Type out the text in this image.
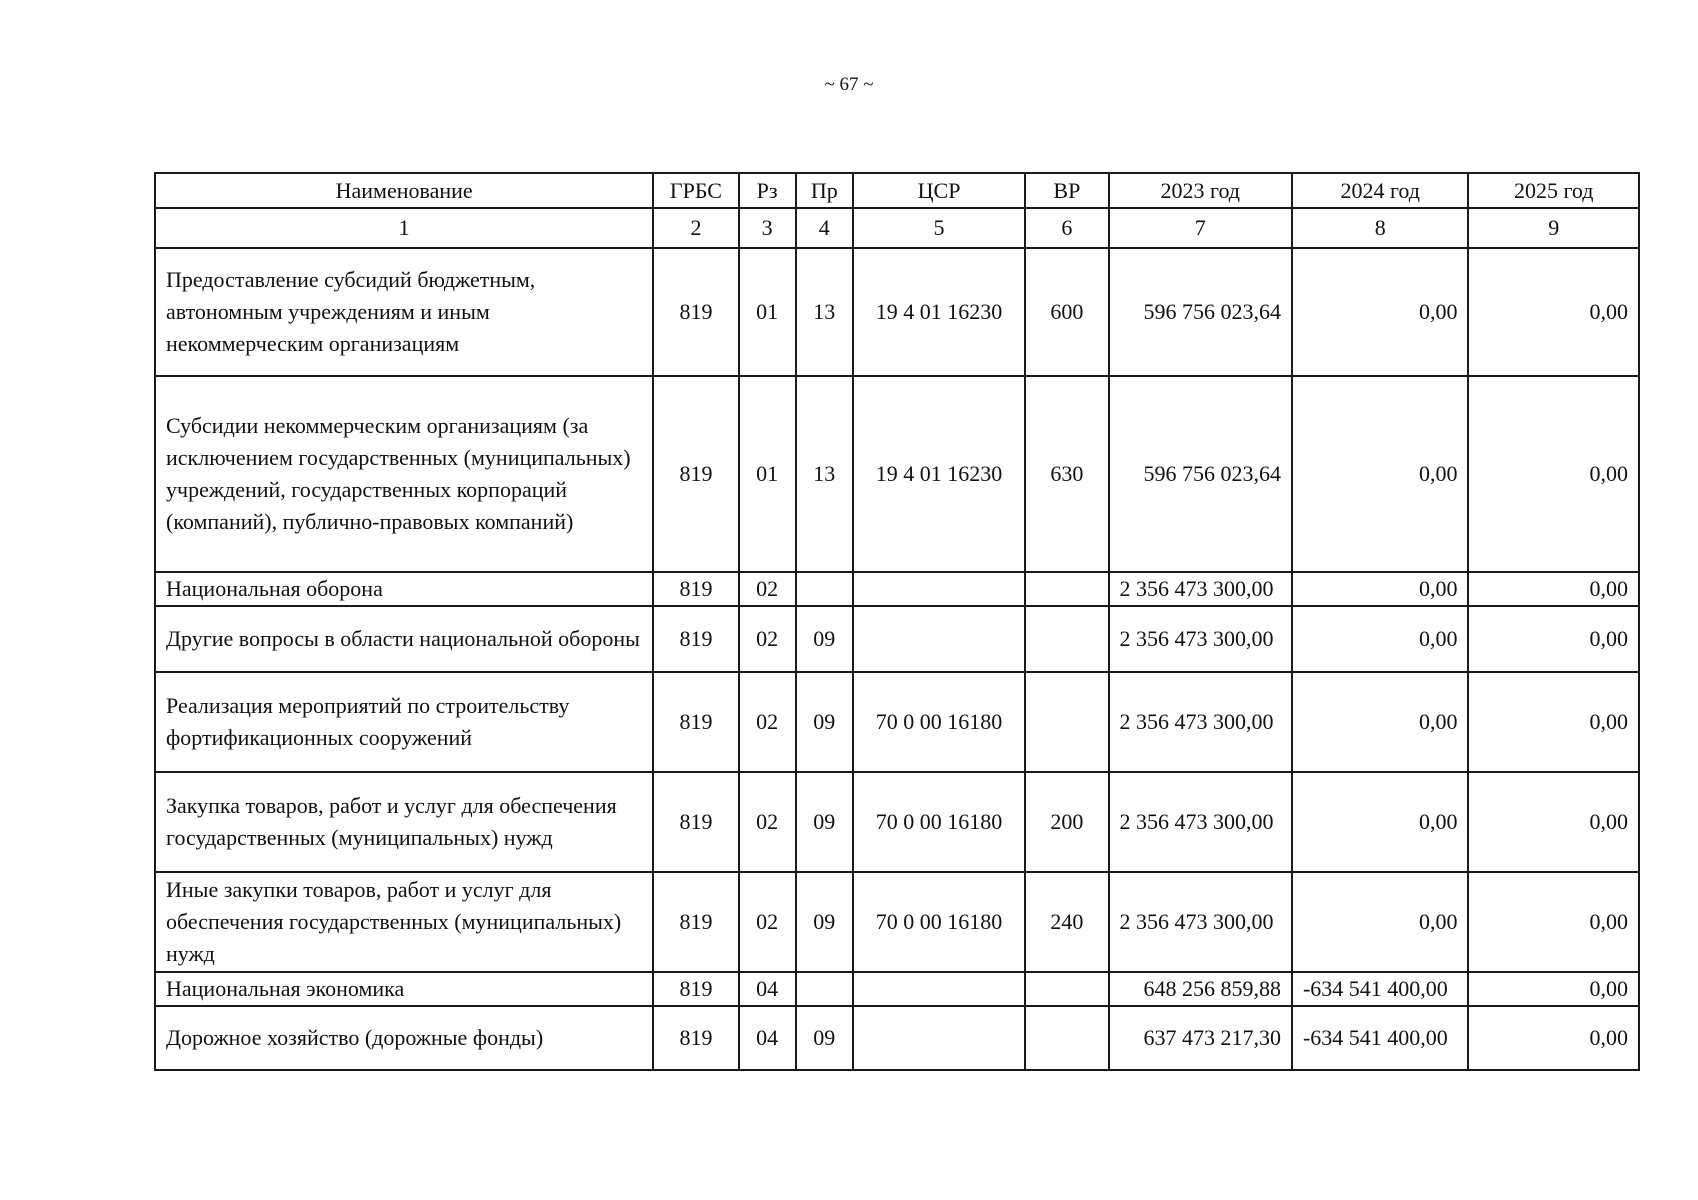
~ 67 ~
Наименование	ГРБС	Рз	Пр	ЦСР	ВР	2023 год	2024 год	2025 год
1	2	3	4	5	6	7	8	9
Предоставление субсидий бюджетным, автономным учреждениям и иным некоммерческим организациям	819	01	13	19 4 01 16230	600	596 756 023,64	0,00	0,00
Субсидии некоммерческим организациям (за исключением государственных (муниципальных) учреждений, государственных корпораций (компаний), публично-правовых компаний)	819	01	13	19 4 01 16230	630	596 756 023,64	0,00	0,00
Национальная оборона	819	02				2 356 473 300,00	0,00	0,00
Другие вопросы в области национальной обороны	819	02	09			2 356 473 300,00	0,00	0,00
Реализация мероприятий по строительству фортификационных сооружений	819	02	09	70 0 00 16180		2 356 473 300,00	0,00	0,00
Закупка товаров, работ и услуг для обеспечения государственных (муниципальных) нужд	819	02	09	70 0 00 16180	200	2 356 473 300,00	0,00	0,00
Иные закупки товаров, работ и услуг для обеспечения государственных (муниципальных) нужд	819	02	09	70 0 00 16180	240	2 356 473 300,00	0,00	0,00
Национальная экономика	819	04				648 256 859,88	-634 541 400,00	0,00
Дорожное хозяйство (дорожные фонды)	819	04	09			637 473 217,30	-634 541 400,00	0,00
